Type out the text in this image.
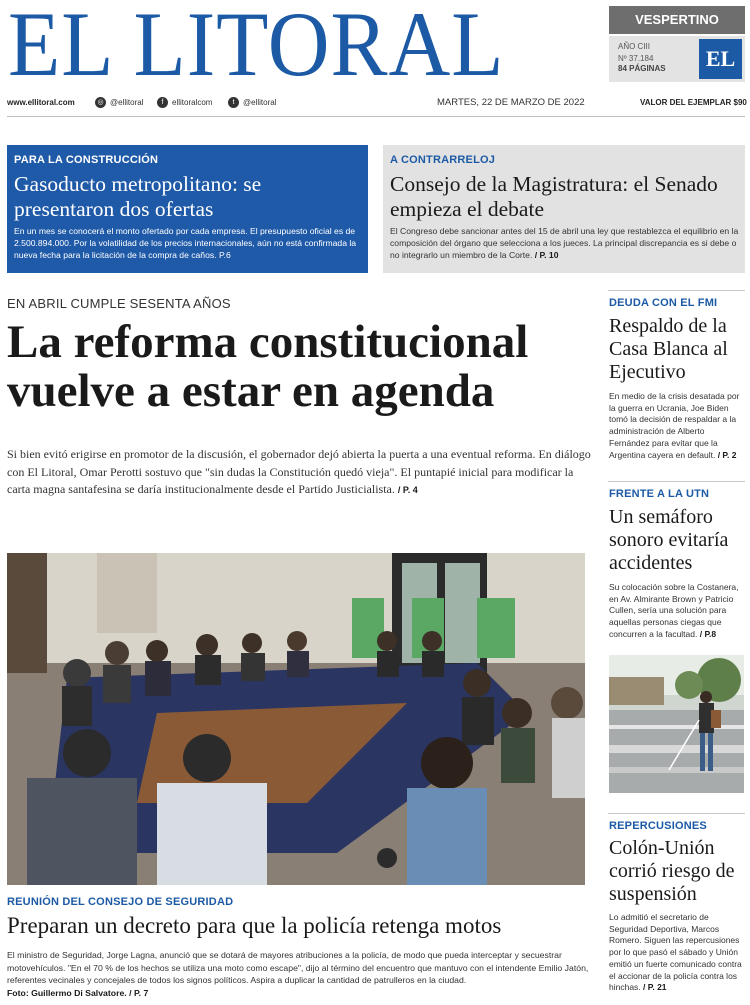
EL LITORAL	VESPERTINO
AÑO CIII
Nº 37.184
84 PÁGINAS	EL
www.ellitoral.com	◎ @ellitoral	f	ellitoralcom	t	@ellitoral	MARTES, 22 DE MARZO DE 2022	VALOR DEL EJEMPLAR $90
PARA LA CONSTRUCCIÓN
Gasoducto metropolitano: se presentaron dos ofertas
En un mes se conocerá el monto ofertado por cada empresa. El presupuesto oficial es de 2.500.894.000. Por la volatilidad de los precios internacionales, aún no está confirmada la nueva fecha para la licitación de la compra de caños. P.6
A CONTRARRELOJ
Consejo de la Magistratura: el Senado empieza el debate
El Congreso debe sancionar antes del 15 de abril una ley que restablezca el equilibrio en la composición del órgano que selecciona a los jueces. La principal discrepancia es si debe o no integrarlo un miembro de la Corte. / P. 10
EN ABRIL CUMPLE SESENTA AÑOS
La reforma constitucional vuelve a estar en agenda
Si bien evitó erigirse en promotor de la discusión, el gobernador dejó abierta la puerta a una eventual reforma. En diálogo con El Litoral, Omar Perotti sostuvo que "sin dudas la Constitución quedó vieja". El puntapié inicial para modificar la carta magna santafesina se daría institucionalmente desde el Partido Justicialista. / P. 4
REUNIÓN DEL CONSEJO DE SEGURIDAD
Preparan un decreto para que la policía retenga motos
El ministro de Seguridad, Jorge Lagna, anunció que se dotará de mayores atribuciones a la policía, de modo que pueda interceptar y secuestrar motovehículos. "En el 70 % de los hechos se utiliza una moto como escape", dijo al término del encuentro que mantuvo con el intendente Emilio Jatón, referentes vecinales y concejales de todos los signos políticos. Aspira a duplicar la cantidad de patrulleros en la ciudad.
Foto: Guillermo Di Salvatore. / P. 7
DEUDA CON EL FMI
Respaldo de la Casa Blanca al Ejecutivo
En medio de la crisis desatada por la guerra en Ucrania, Joe Biden tomó la decisión de respaldar a la administración de Alberto Fernández para evitar que la Argentina cayera en default. / P. 2
FRENTE A LA UTN
Un semáforo sonoro evitaría accidentes
Su colocación sobre la Costanera, en Av. Almirante Brown y Patricio Cullen, sería una solución para aquellas personas ciegas que concurren a la facultad. / P.8
REPERCUSIONES
Colón-Unión corrió riesgo de suspensión
Lo admitió el secretario de Seguridad Deportiva, Marcos Romero. Siguen las repercusiones por lo que pasó el sábado y Unión emitió un fuerte comunicado contra el accionar de la policía contra los hinchas. / P. 21
